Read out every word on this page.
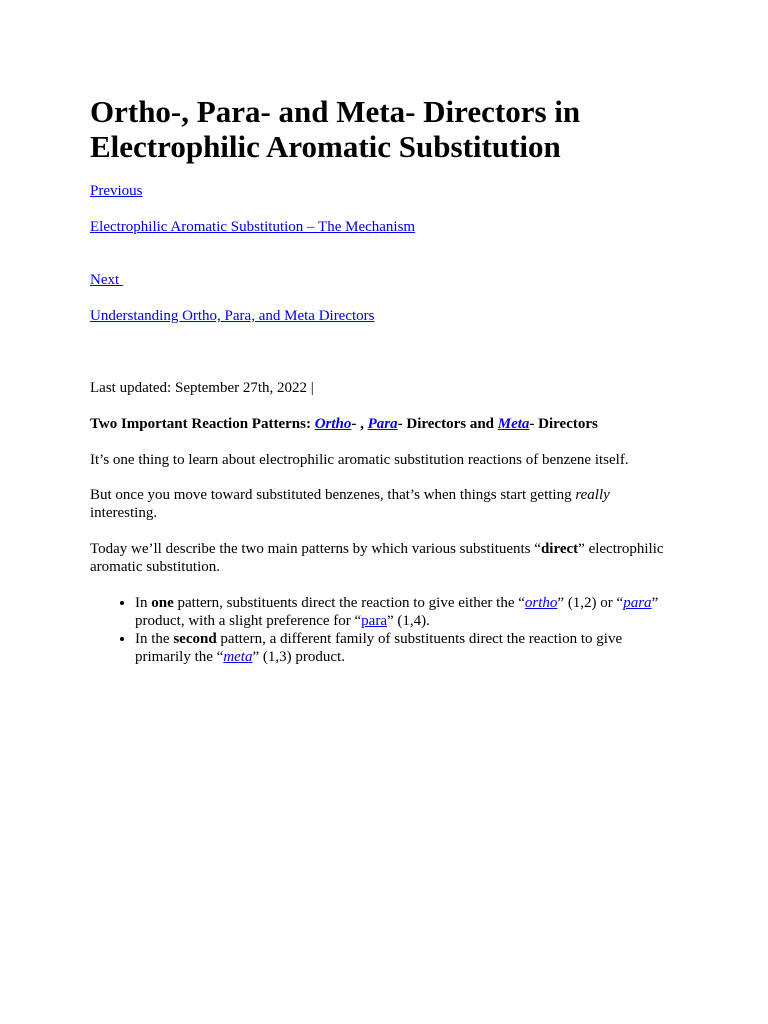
Ortho-, Para- and Meta- Directors in Electrophilic Aromatic Substitution

Previous

Electrophilic Aromatic Substitution – The Mechanism

Next

Understanding Ortho, Para, and Meta Directors

Last updated: September 27th, 2022 |

Two Important Reaction Patterns: Ortho- , Para- Directors and Meta- Directors

It’s one thing to learn about electrophilic aromatic substitution reactions of benzene itself.

But once you move toward substituted benzenes, that’s when things start getting really interesting.

Today we’ll describe the two main patterns by which various substituents “direct” electrophilic aromatic substitution.

• In one pattern, substituents direct the reaction to give either the “ortho” (1,2) or “para” product, with a slight preference for “para” (1,4).
• In the second pattern, a different family of substituents direct the reaction to give primarily the “meta” (1,3) product.
